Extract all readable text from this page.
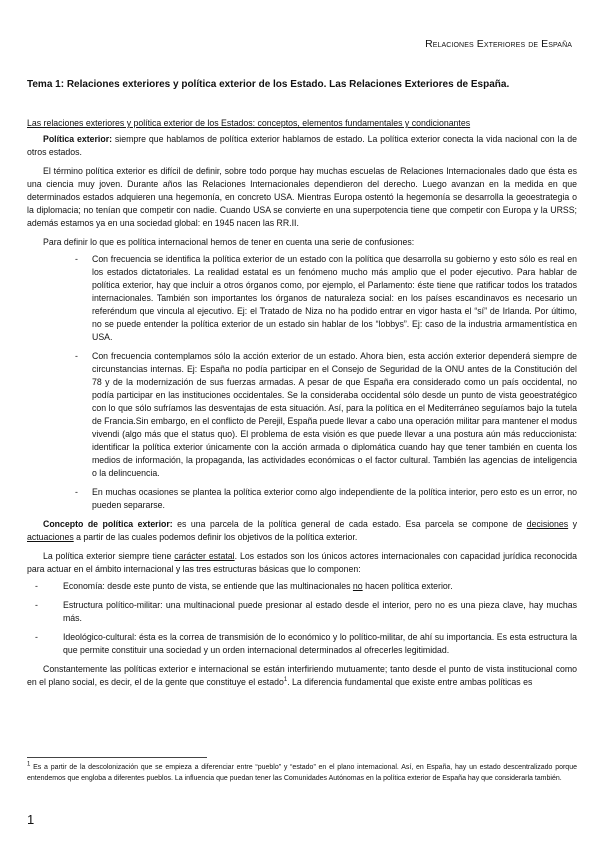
Relaciones Exteriores de España

Tema 1: Relaciones exteriores y política exterior de los Estado. Las Relaciones Exteriores de España.

Las relaciones exteriores y política exterior de los Estados: conceptos, elementos fundamentales y condicionantes

Política exterior: siempre que hablamos de política exterior hablamos de estado. La política exterior conecta la vida nacional con la de otros estados.

El término política exterior es difícil de definir, sobre todo porque hay muchas escuelas de Relaciones Internacionales dado que ésta es una ciencia muy joven. Durante años las Relaciones Internacionales dependieron del derecho. Luego avanzan en la medida en que determinados estados adquieren una hegemonía, en concreto USA. Mientras Europa ostentó la hegemonía se desarrolla la geoestrategia o la diplomacia; no tenían que competir con nadie. Cuando USA se convierte en una superpotencia tiene que competir con Europa y la URSS; además estamos ya en una sociedad global: en 1945 nacen las RR.II.

Para definir lo que es política internacional hemos de tener en cuenta una serie de confusiones:

- Con frecuencia se identifica la política exterior de un estado con la política que desarrolla su gobierno y esto sólo es real en los estados dictatoriales. La realidad estatal es un fenómeno mucho más amplio que el poder ejecutivo. Para hablar de política exterior, hay que incluir a otros órganos como, por ejemplo, el Parlamento: éste tiene que ratificar todos los tratados internacionales. También son importantes los órganos de naturaleza social: en los países escandinavos es necesario un referéndum que vincula al ejecutivo. Ej: el Tratado de Niza no ha podido entrar en vigor hasta el “sí” de Irlanda. Por último, no se puede entender la política exterior de un estado sin hablar de los “lobbys”. Ej: caso de la industria armamentística en USA.
- Con frecuencia contemplamos sólo la acción exterior de un estado. Ahora bien, esta acción exterior dependerá siempre de circunstancias internas. Ej: España no podía participar en el Consejo de Seguridad de la ONU antes de la Constitución del 78 y de la modernización de sus fuerzas armadas. A pesar de que España era considerado como un país occidental, no podía participar en las instituciones occidentales. Se la consideraba occidental sólo desde un punto de vista geoestratégico con lo que sólo sufríamos las desventajas de esta situación. Así, para la política en el Mediterráneo seguíamos bajo la tutela de Francia.Sin embargo, en el conflicto de Perejil, España puede llevar a cabo una operación militar para mantener el modus vivendi (algo más que el status quo). El problema de esta visión es que puede llevar a una postura aún más reduccionista: identificar la política exterior únicamente con la acción armada o diplomática cuando hay que tener también en cuenta los medios de información, la propaganda, las actividades económicas o el factor cultural. También las agencias de inteligencia o la delincuencia.
- En muchas ocasiones se plantea la política exterior como algo independiente de la política interior, pero esto es un error, no pueden separarse.

Concepto de política exterior: es una parcela de la política general de cada estado. Esa parcela se compone de decisiones y actuaciones a partir de las cuales podemos definir los objetivos de la política exterior.

La política exterior siempre tiene carácter estatal. Los estados son los únicos actores internacionales con capacidad jurídica reconocida para actuar en el ámbito internacional y las tres estructuras básicas que lo componen:

-	Economía: desde este punto de vista, se entiende que las multinacionales no hacen política exterior.
-	Estructura político-militar: una multinacional puede presionar al estado desde el interior, pero no es una pieza clave, hay muchas más.
-	Ideológico-cultural: ésta es la correa de transmisión de lo económico y lo político-militar, de ahí su importancia. Es esta estructura la que permite constituir una sociedad y un orden internacional determinados al ofrecerles legitimidad.

Constantemente las políticas exterior e internacional se están interfiriendo mutuamente; tanto desde el punto de vista institucional como en el plano social, es decir, el de la gente que constituye el estado$^1$. La diferencia fundamental que existe entre ambas políticas es

$^1$ Es a partir de la descolonización que se empieza a diferenciar entre “pueblo” y “estado” en el plano internacional. Así, en España, hay un estado descentralizado porque entendemos que engloba a diferentes pueblos. La influencia que puedan tener las Comunidades Autónomas en la política exterior de España hay que considerarla también.
1
